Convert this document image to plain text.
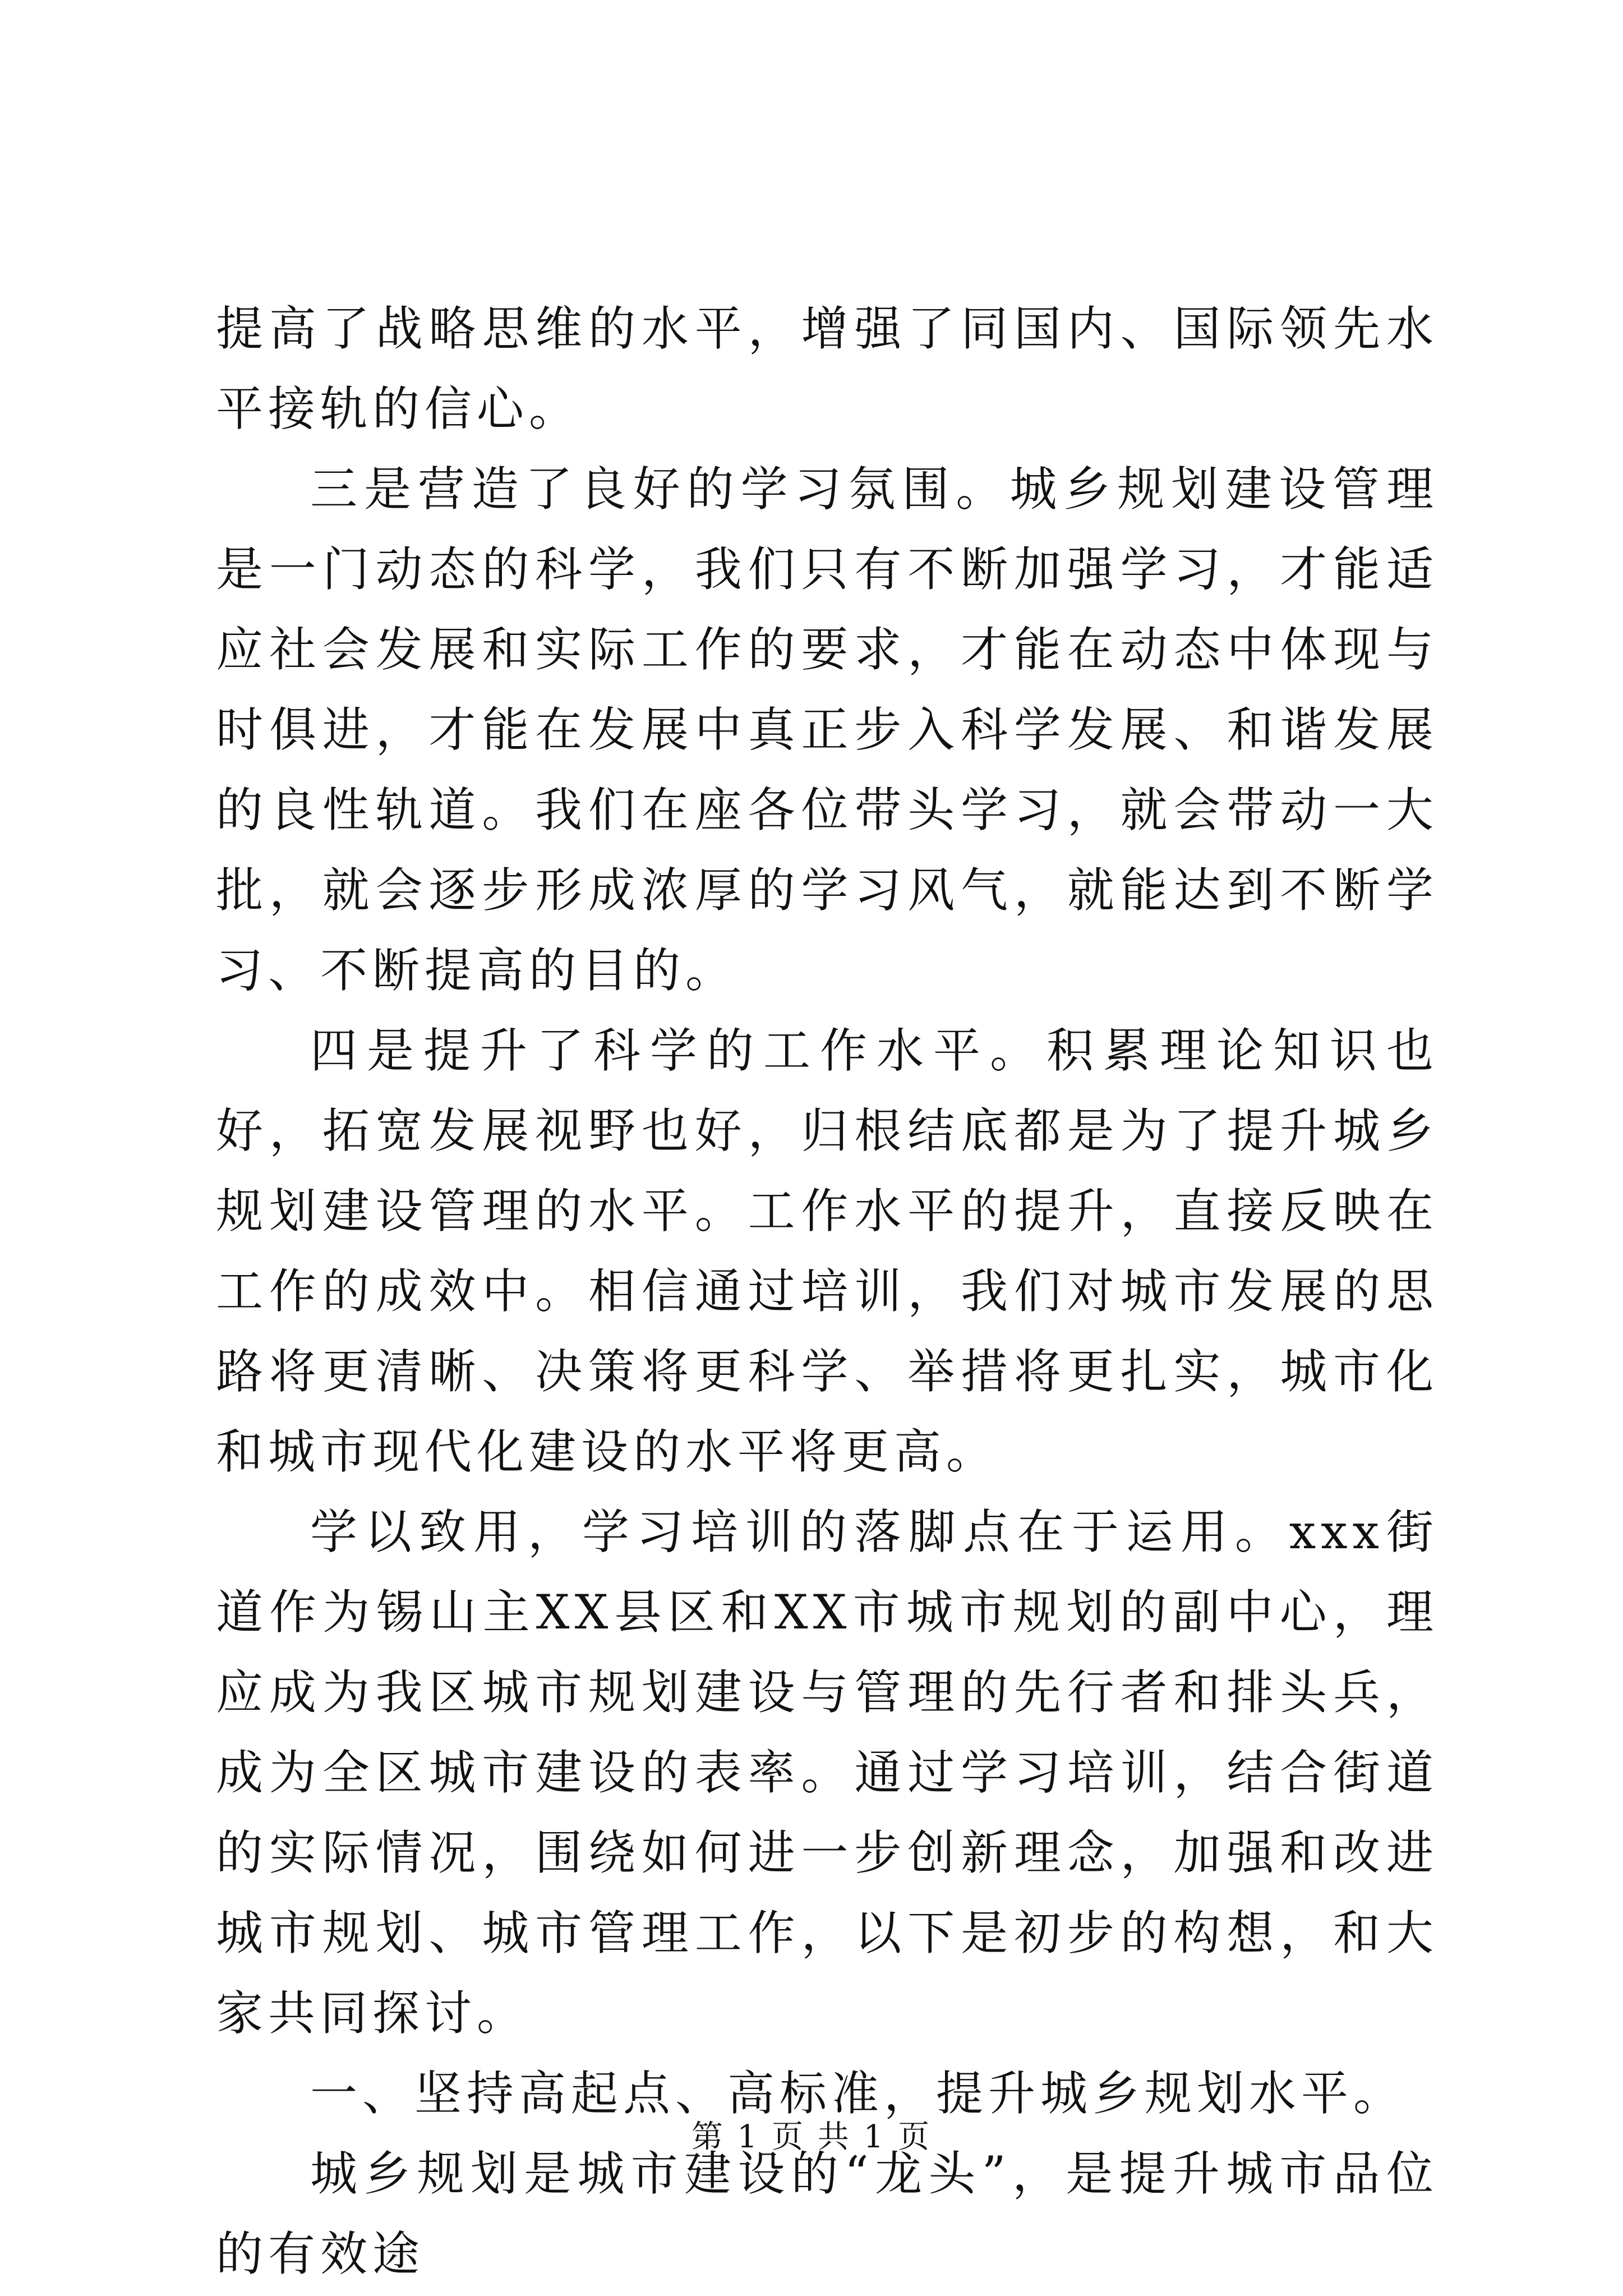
提高了战略思维的水平，增强了同国内、国际领先水平接轨的信心。

三是营造了良好的学习氛围。城乡规划建设管理是一门动态的科学，我们只有不断加强学习，才能适应社会发展和实际工作的要求，才能在动态中体现与时俱进，才能在发展中真正步入科学发展、和谐发展的良性轨道。我们在座各位带头学习，就会带动一大批，就会逐步形成浓厚的学习风气，就能达到不断学习、不断提高的目的。

四是提升了科学的工作水平。积累理论知识也好，拓宽发展视野也好，归根结底都是为了提升城乡规划建设管理的水平。工作水平的提升，直接反映在工作的成效中。相信通过培训，我们对城市发展的思路将更清晰、决策将更科学、举措将更扎实，城市化和城市现代化建设的水平将更高。

学以致用，学习培训的落脚点在于运用。xxx街道作为锡山主XX县区和XX市城市规划的副中心，理应成为我区城市规划建设与管理的先行者和排头兵，成为全区城市建设的表率。通过学习培训，结合街道的实际情况，围绕如何进一步创新理念，加强和改进城市规划、城市管理工作，以下是初步的构想，和大家共同探讨。

一、坚持高起点、高标准，提升城乡规划水平。

城乡规划是城市建设的“龙头”，是提升城市品位的有效途

第 1 页 共 1 页
